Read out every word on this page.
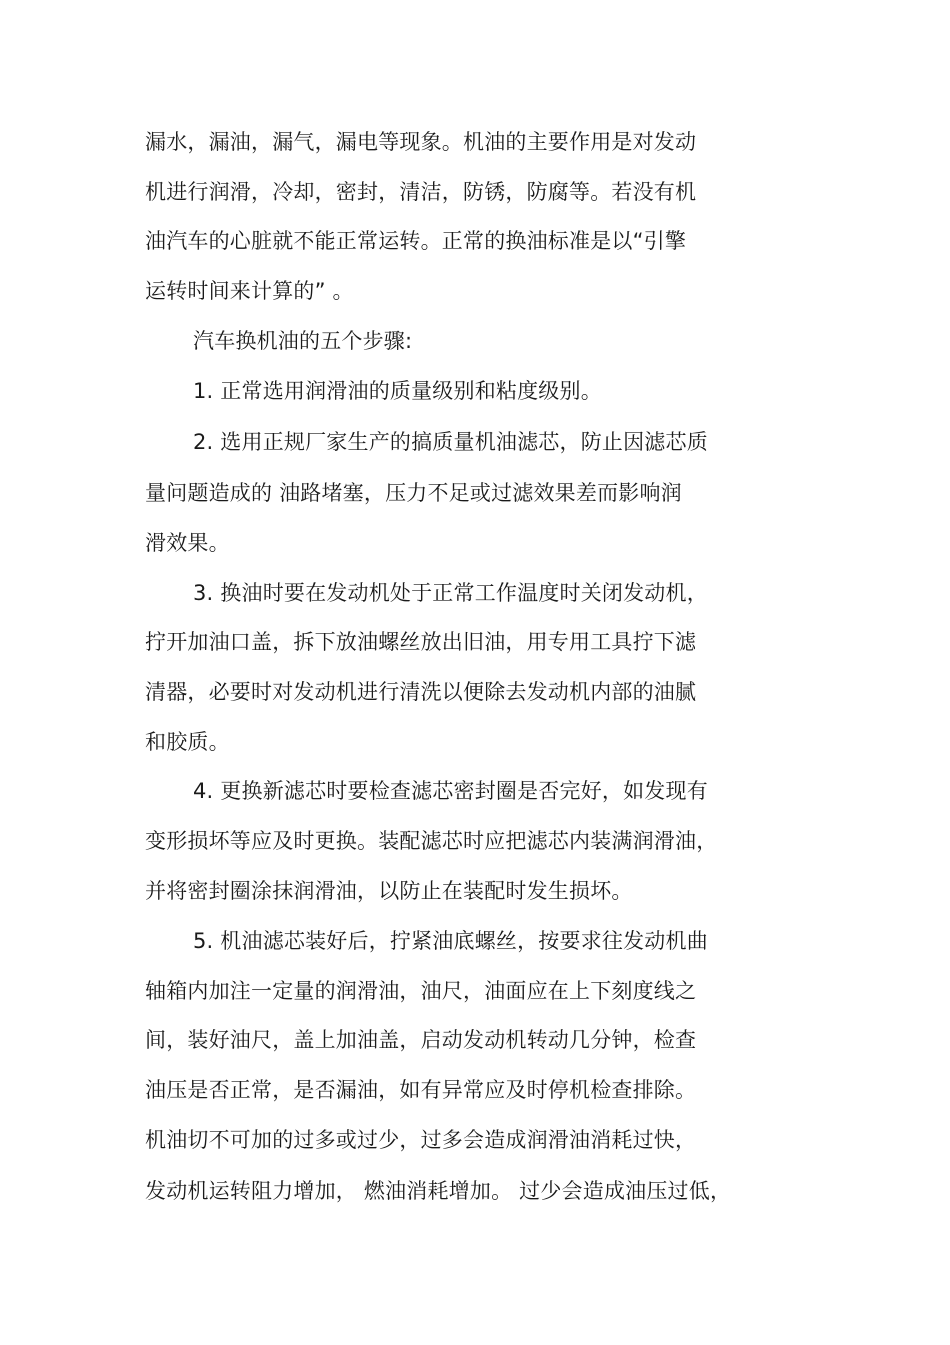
漏水，漏油，漏气，漏电等现象。机油的主要作用是对发动
机进行润滑，冷却，密封，清洁，防锈，防腐等。若没有机
油汽车的心脏就不能正常运转。正常的换油标准是以“引擎
运转时间来计算的” 。
汽车换机油的五个步骤:
1. 正常选用润滑油的质量级别和粘度级别。
2. 选用正规厂家生产的搞质量机油滤芯，防止因滤芯质
量问题造成的 油路堵塞，压力不足或过滤效果差而影响润
滑效果。
3. 换油时要在发动机处于正常工作温度时关闭发动机，
拧开加油口盖，拆下放油螺丝放出旧油，用专用工具拧下滤
清器，必要时对发动机进行清洗以便除去发动机内部的油腻
和胶质。
4. 更换新滤芯时要检查滤芯密封圈是否完好，如发现有
变形损坏等应及时更换。装配滤芯时应把滤芯内装满润滑油，
并将密封圈涂抹润滑油，以防止在装配时发生损坏。
5. 机油滤芯装好后，拧紧油底螺丝，按要求往发动机曲
轴箱内加注一定量的润滑油，油尺，油面应在上下刻度线之
间，装好油尺，盖上加油盖，启动发动机转动几分钟，检查
油压是否正常，是否漏油，如有异常应及时停机检查排除。
机油切不可加的过多或过少，过多会造成润滑油消耗过快，
发动机运转阻力增加， 燃油消耗增加。 过少会造成油压过低，
